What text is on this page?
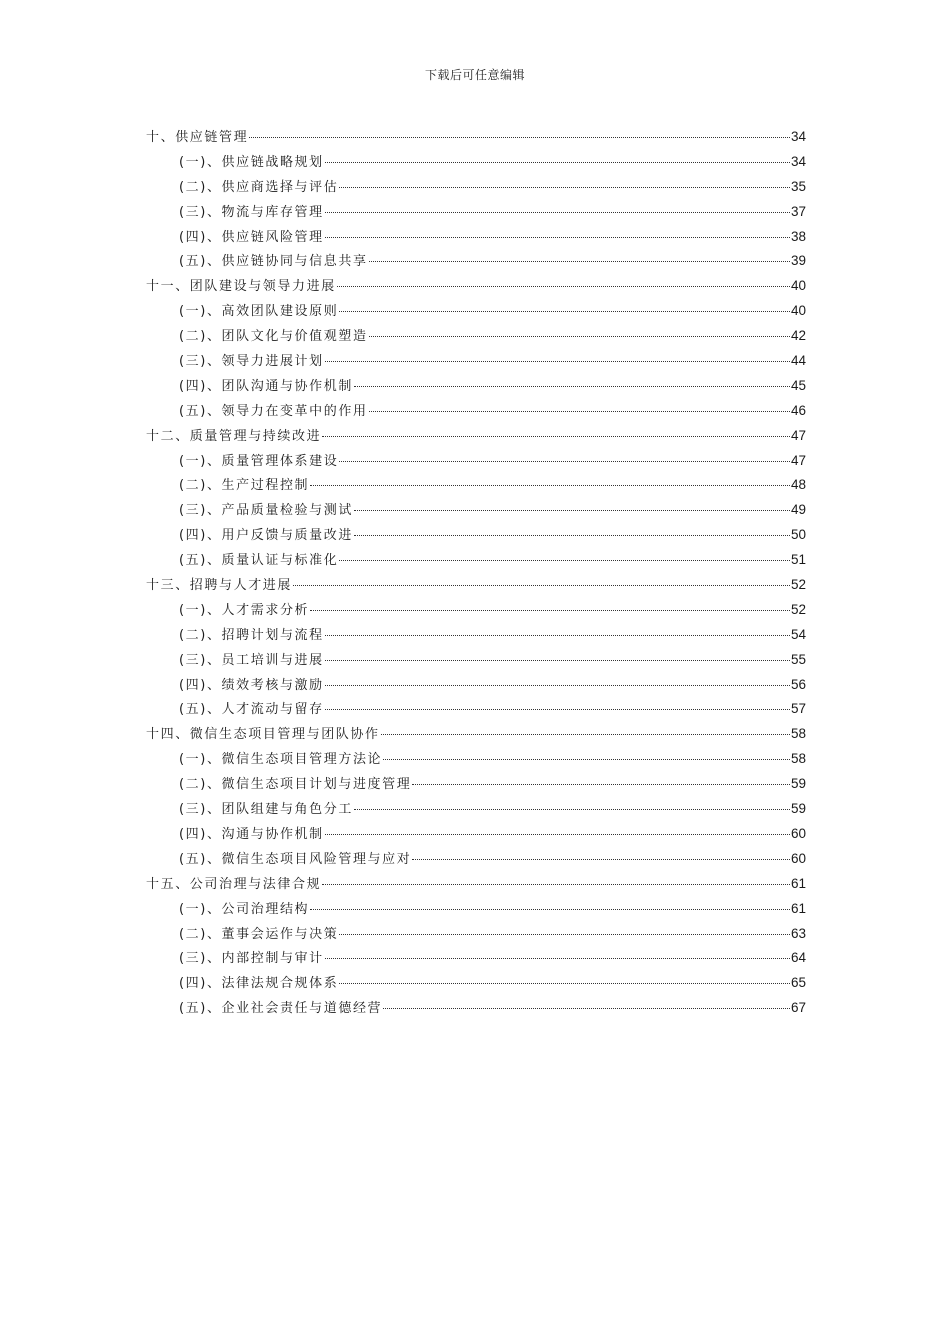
下载后可任意编辑
十、供应链管理	34
(一)、供应链战略规划	34
(二)、供应商选择与评估	35
(三)、物流与库存管理	37
(四)、供应链风险管理	38
(五)、供应链协同与信息共享	39
十一、团队建设与领导力进展	40
(一)、高效团队建设原则	40
(二)、团队文化与价值观塑造	42
(三)、领导力进展计划	44
(四)、团队沟通与协作机制	45
(五)、领导力在变革中的作用	46
十二、质量管理与持续改进	47
(一)、质量管理体系建设	47
(二)、生产过程控制	48
(三)、产品质量检验与测试	49
(四)、用户反馈与质量改进	50
(五)、质量认证与标准化	51
十三、招聘与人才进展	52
(一)、人才需求分析	52
(二)、招聘计划与流程	54
(三)、员工培训与进展	55
(四)、绩效考核与激励	56
(五)、人才流动与留存	57
十四、微信生态项目管理与团队协作	58
(一)、微信生态项目管理方法论	58
(二)、微信生态项目计划与进度管理	59
(三)、团队组建与角色分工	59
(四)、沟通与协作机制	60
(五)、微信生态项目风险管理与应对	60
十五、公司治理与法律合规	61
(一)、公司治理结构	61
(二)、董事会运作与决策	63
(三)、内部控制与审计	64
(四)、法律法规合规体系	65
(五)、企业社会责任与道德经营	67
